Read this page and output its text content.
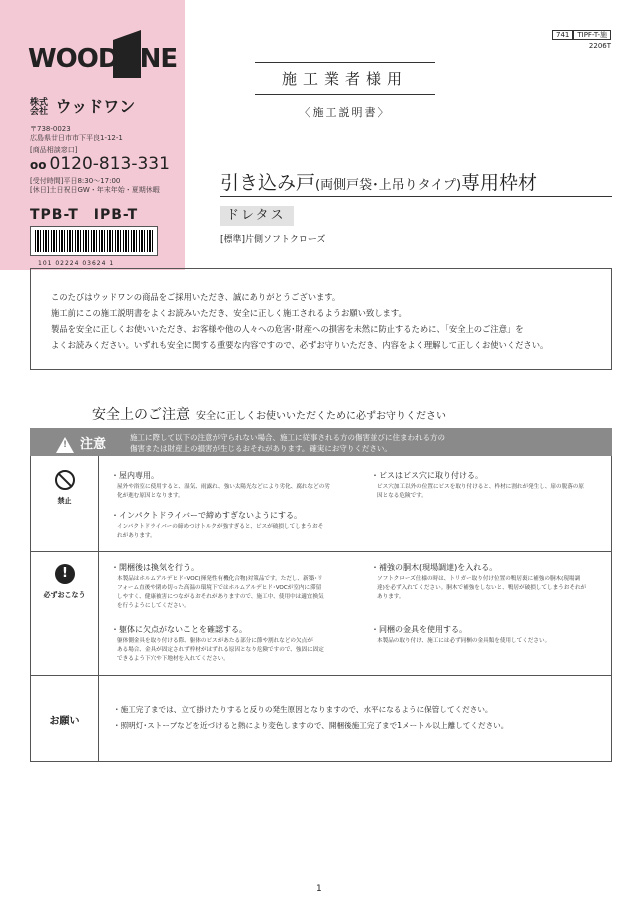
WOODONE
株式会社 ウッドワン
〒738-0023
広島県廿日市市下平良1-12-1
[商品相談窓口]
oo 0120-813-331
[受付時間]平日8:30～17:00
[休日]土日祝日GW・年末年始・夏期休暇
TPB-T　IPB-T
101 02224 03624 1
741 TIPF-T-施
2206T
施工業者様用
〈施工説明書〉
引き込み戸(両側戸袋･上吊りタイプ)専用枠材
ドレタス
[標準]片側ソフトクローズ

このたびはウッドワンの商品をご採用いただき、誠にありがとうございます。

施工前にこの施工説明書をよくお読みいただき、安全に正しく施工されるようお願い致します。

製品を安全に正しくお使いいただき、お客様や他の人々への危害･財産への損害を未然に防止するために、「安全上のご注意」を

よくお読みください。いずれも安全に関する重要な内容ですので、必ずお守りいただき、内容をよく理解して正しくお使いください。

安全上のご注意 安全に正しくお使いいただくために必ずお守りください
!注意	施工に際して以下の注意が守られない場合、施工に従事される方の傷害並びに住まわれる方の
傷害または財産上の損害が生じるおそれがあります。確実にお守りください。
禁止
・屋内専用。
屋外や浴室に使用すると、湿気、雨露れ、強い太陽光などにより劣化、腐れなどの劣
化が進む原因となります。
・インパクトドライバーで締めすぎないようにする。
インパクトドライバーの締めつけトルクが強すぎると、ビスが破損してしまうおそ
れがあります。
・ビスはビス穴に取り付ける。
ビス穴加工以外の位置にビスを取り付けると、枠材に割れが発生し、扉の脱落の原
因となる危険です。
!
必ずおこなう
・開梱後は換気を行う。
本製品はホルムアルデヒド･VOC(揮発性有機化合物)対策品です。ただし、新築･リ
フォーム直後や閉め切った高温の環境下ではホルムアルデヒド･VOCが室内に滞留
しやすく、健康被害につながるおそれがありますので、施工中、使用中は適宜換気
を行うようにしてください。
・躯体に欠点がないことを確認する。
躯体側金具を取り付ける際、躯体のビスがあたる部分に節や割れなどの欠点が
ある場合、金具が固定されず枠材がはずれる原因となり危険ですので、強固に固定
できるよう下穴や下地材を入れてください。
・補強の胴木(現場調達)を入れる。
ソフトクローズ仕様の時は、トリガー取り付け位置の鴨居裏に補強の胴木(現場調
達)を必ず入れてください。胴木で補強をしないと、鴨居が破損してしまうおそれが
あります。
・同梱の金具を使用する。
本製品の取り付け、施工には必ず同梱の金具類を使用してください。
お願い
・施工完了までは、立て掛けたりすると反りの発生原因となりますので、水平になるように保管してください。
・照明灯･ストーブなどを近づけると熱により変色しますので、開梱後施工完了まで1メートル以上離してください。
1
